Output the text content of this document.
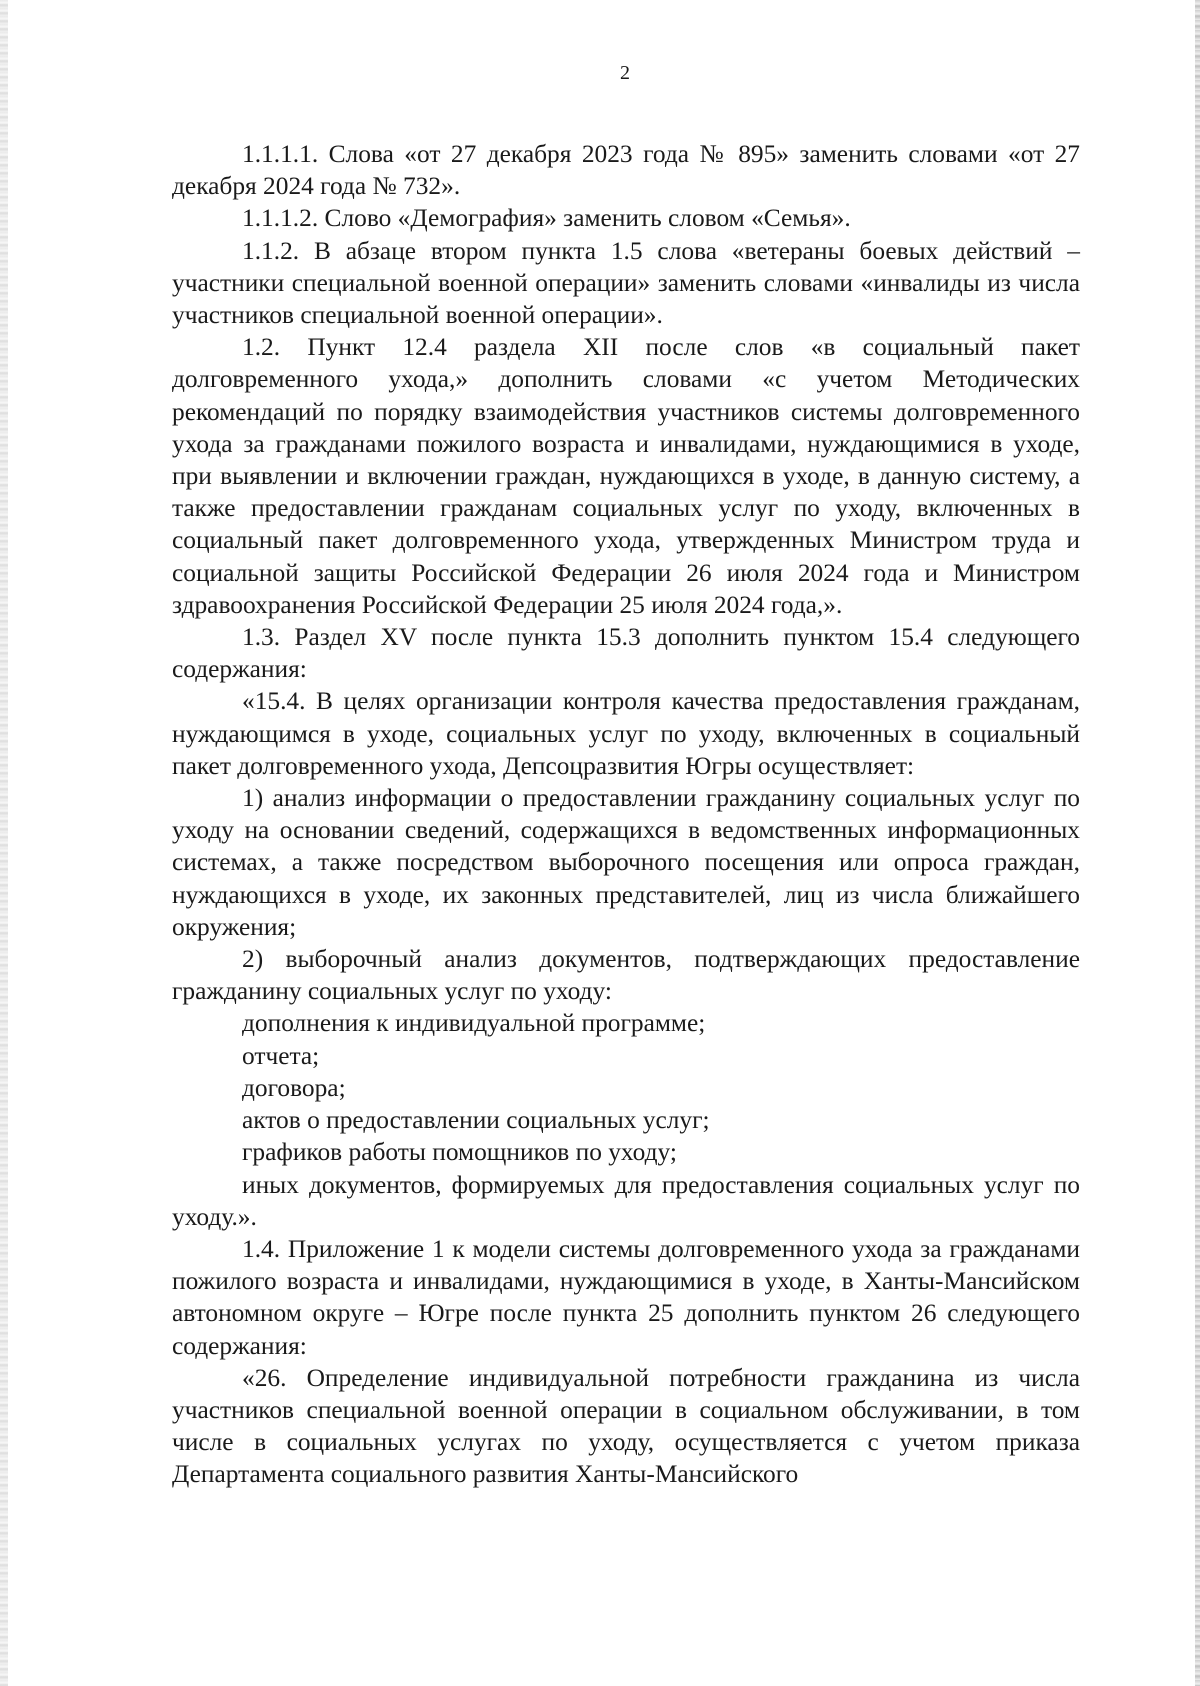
2

1.1.1.1. Слова «от 27 декабря 2023 года № 895» заменить словами «от 27 декабря 2024 года № 732».

1.1.1.2. Слово «Демография» заменить словом «Семья».

1.1.2. В абзаце втором пункта 1.5 слова «ветераны боевых действий – участники специальной военной операции» заменить словами «инвалиды из числа участников специальной военной операции».

1.2. Пункт 12.4 раздела XII после слов «в социальный пакет долговременного ухода,» дополнить словами «с учетом Методических рекомендаций по порядку взаимодействия участников системы долговременного ухода за гражданами пожилого возраста и инвалидами, нуждающимися в уходе, при выявлении и включении граждан, нуждающихся в уходе, в данную систему, а также предоставлении гражданам социальных услуг по уходу, включенных в социальный пакет долговременного ухода, утвержденных Министром труда и социальной защиты Российской Федерации 26 июля 2024 года и Министром здравоохранения Российской Федерации 25 июля 2024 года,».

1.3. Раздел XV после пункта 15.3 дополнить пунктом 15.4 следующего содержания:

«15.4. В целях организации контроля качества предоставления гражданам, нуждающимся в уходе, социальных услуг по уходу, включенных в социальный пакет долговременного ухода, Депсоцразвития Югры осуществляет:

1) анализ информации о предоставлении гражданину социальных услуг по уходу на основании сведений, содержащихся в ведомственных информационных системах, а также посредством выборочного посещения или опроса граждан, нуждающихся в уходе, их законных представителей, лиц из числа ближайшего окружения;

2) выборочный анализ документов, подтверждающих предоставление гражданину социальных услуг по уходу:

дополнения к индивидуальной программе;

отчета;

договора;

актов о предоставлении социальных услуг;

графиков работы помощников по уходу;

иных документов, формируемых для предоставления социальных услуг по уходу.».

1.4. Приложение 1 к модели системы долговременного ухода за гражданами пожилого возраста и инвалидами, нуждающимися в уходе, в Ханты-Мансийском автономном округе – Югре после пункта 25 дополнить пунктом 26 следующего содержания:

«26. Определение индивидуальной потребности гражданина из числа участников специальной военной операции в социальном обслуживании, в том числе в социальных услугах по уходу, осуществляется с учетом приказа Департамента социального развития Ханты-Мансийского
